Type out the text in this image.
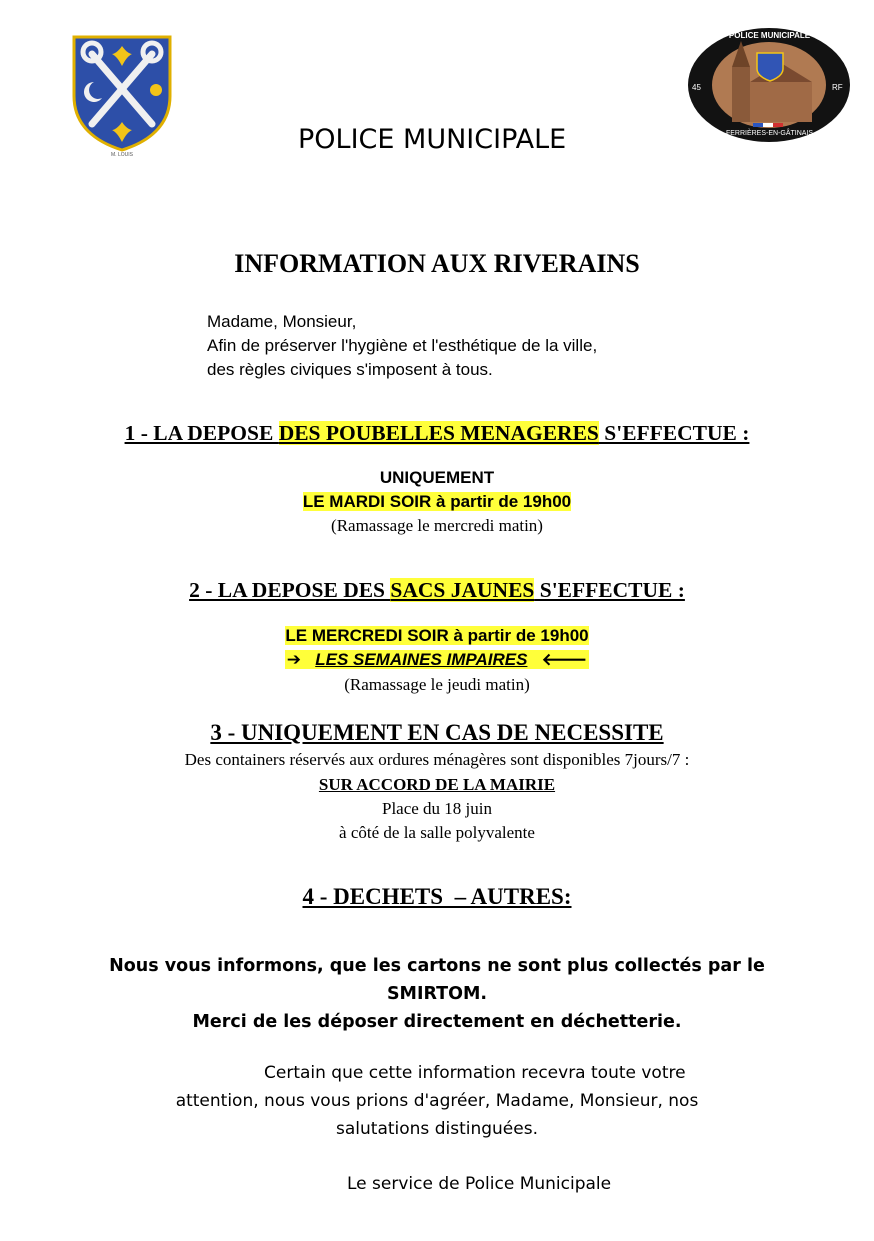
M. LOUIS	POLICE MUNICIPALE
POLICE MUNICIPALE
45	RF
FERRIÈRES-EN-GÂTINAIS
INFORMATION AUX RIVERAINS
Madame, Monsieur,
Afin de préserver l'hygiène et l'esthétique de la ville,
des règles civiques s'imposent à tous.
1 - LA DEPOSE DES POUBELLES MENAGERES S'EFFECTUE :
UNIQUEMENT
LE MARDI SOIR à partir de 19h00
(Ramassage le mercredi matin)
2 - LA DEPOSE DES SACS JAUNES S'EFFECTUE :
LE MERCREDI SOIR à partir de 19h00
➔ LES SEMAINES IMPAIRES 🡐
(Ramassage le jeudi matin)
3 - UNIQUEMENT EN CAS DE NECESSITE
Des containers réservés aux ordures ménagères sont disponibles 7jours/7 :
SUR ACCORD DE LA MAIRIE
Place du 18 juin
à côté de la salle polyvalente
4 - DECHETS  – AUTRES:
Nous vous informons, que les cartons ne sont plus collectés par le
SMIRTOM.
Merci de les déposer directement en déchetterie.
Certain que cette information recevra toute votre
attention, nous vous prions d'agréer, Madame, Monsieur, nos
salutations distinguées.
Le service de Police Municipale
